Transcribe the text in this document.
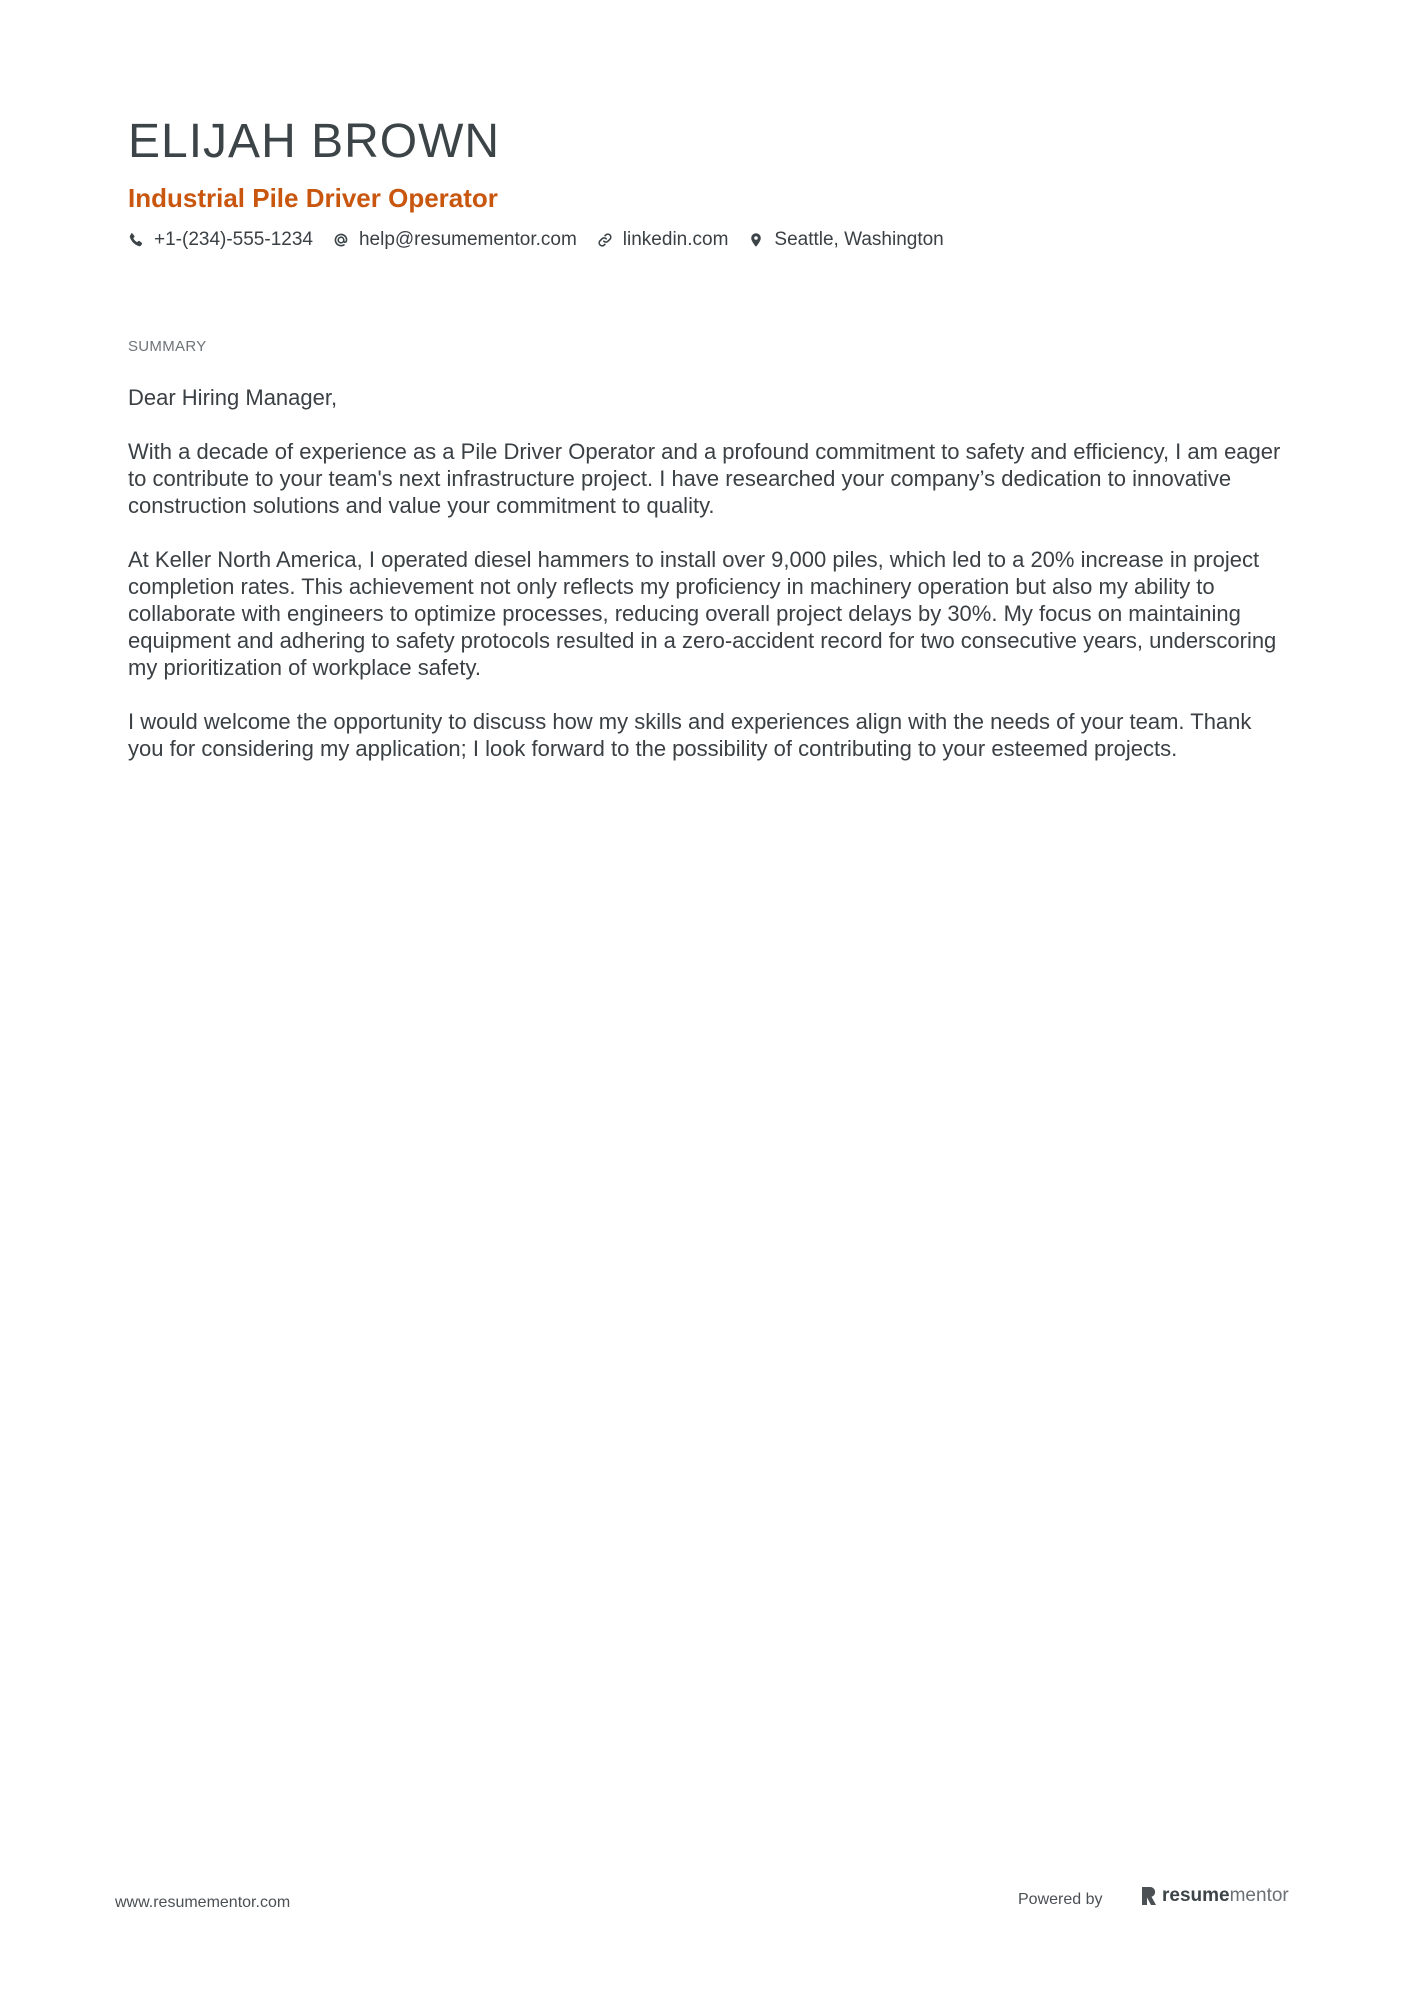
ELIJAH BROWN
Industrial Pile Driver Operator
+1-(234)-555-1234 help@resumementor.com linkedin.com Seattle, Washington
SUMMARY

Dear Hiring Manager,

With a decade of experience as a Pile Driver Operator and a profound commitment to safety and efficiency, I am eager to contribute to your team's next infrastructure project. I have researched your company’s dedication to innovative construction solutions and value your commitment to quality.

At Keller North America, I operated diesel hammers to install over 9,000 piles, which led to a 20% increase in project completion rates. This achievement not only reflects my proficiency in machinery operation but also my ability to collaborate with engineers to optimize processes, reducing overall project delays by 30%. My focus on maintaining equipment and adhering to safety protocols resulted in a zero-accident record for two consecutive years, underscoring my prioritization of workplace safety.

I would welcome the opportunity to discuss how my skills and experiences align with the needs of your team. Thank you for considering my application; I look forward to the possibility of contributing to your esteemed projects.

www.resumementor.com	Powered by	resume mentor
